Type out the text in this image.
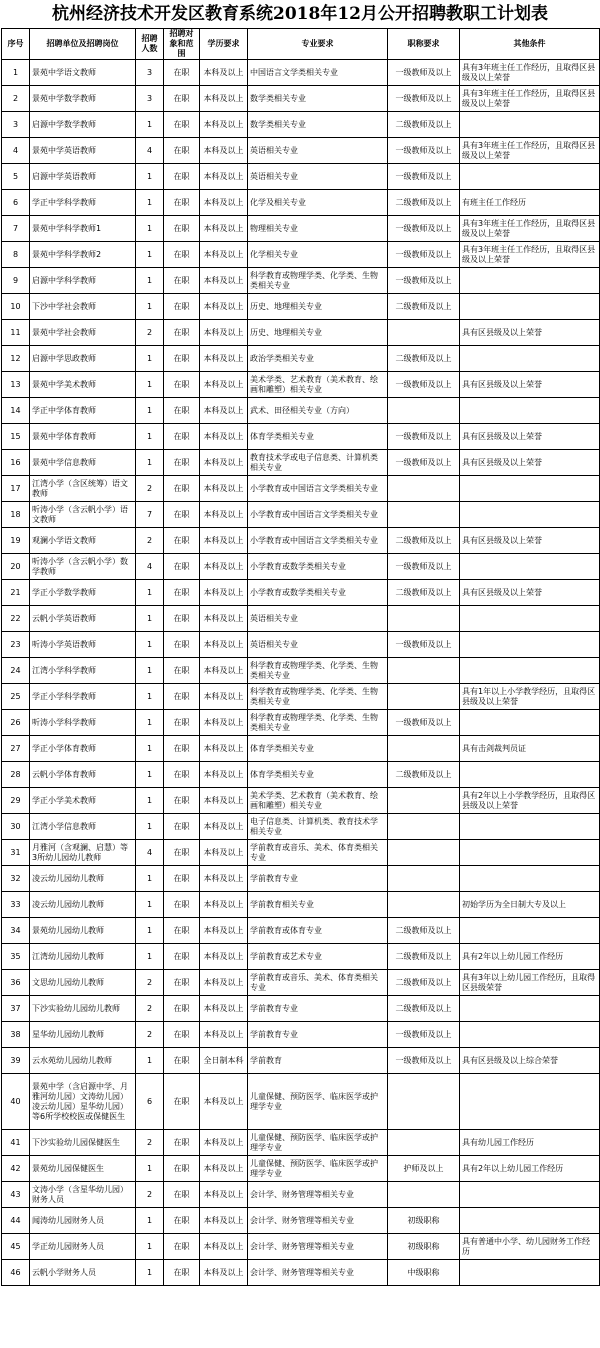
杭州经济技术开发区教育系统2018年12月公开招聘教职工计划表
序号	招聘单位及招聘岗位	招聘人数	招聘对象和范围	学历要求	专业要求	职称要求	其他条件
1	景苑中学语文教师	3	在职	本科及以上	中国语言文学类相关专业	一级教师及以上	具有3年班主任工作经历，且取得区县级及以上荣誉
2	景苑中学数学教师	3	在职	本科及以上	数学类相关专业	一级教师及以上	具有3年班主任工作经历，且取得区县级及以上荣誉
3	启源中学数学教师	1	在职	本科及以上	数学类相关专业	二级教师及以上	
4	景苑中学英语教师	4	在职	本科及以上	英语相关专业	一级教师及以上	具有3年班主任工作经历，且取得区县级及以上荣誉
5	启源中学英语教师	1	在职	本科及以上	英语相关专业	一级教师及以上	
6	学正中学科学教师	1	在职	本科及以上	化学及相关专业	二级教师及以上	有班主任工作经历
7	景苑中学科学教师1	1	在职	本科及以上	物理相关专业	一级教师及以上	具有3年班主任工作经历，且取得区县级及以上荣誉
8	景苑中学科学教师2	1	在职	本科及以上	化学相关专业	一级教师及以上	具有3年班主任工作经历，且取得区县级及以上荣誉
9	启源中学科学教师	1	在职	本科及以上	科学教育或物理学类、化学类、生物类相关专业	一级教师及以上	
10	下沙中学社会教师	1	在职	本科及以上	历史、地理相关专业	二级教师及以上	
11	景苑中学社会教师	2	在职	本科及以上	历史、地理相关专业		具有区县级及以上荣誉
12	启源中学思政教师	1	在职	本科及以上	政治学类相关专业	二级教师及以上	
13	景苑中学美术教师	1	在职	本科及以上	美术学类、艺术教育（美术教育、绘画和雕塑）相关专业	一级教师及以上	具有区县级及以上荣誉
14	学正中学体育教师	1	在职	本科及以上	武术、田径相关专业（方向）		
15	景苑中学体育教师	1	在职	本科及以上	体育学类相关专业	一级教师及以上	具有区县级及以上荣誉
16	景苑中学信息教师	1	在职	本科及以上	教育技术学或电子信息类、计算机类相关专业	一级教师及以上	具有区县级及以上荣誉
17	江湾小学（含区统筹）语文教师	2	在职	本科及以上	小学教育或中国语言文学类相关专业		
18	听涛小学（含云帆小学）语文教师	7	在职	本科及以上	小学教育或中国语言文学类相关专业		
19	观澜小学语文教师	2	在职	本科及以上	小学教育或中国语言文学类相关专业	二级教师及以上	具有区县级及以上荣誉
20	听涛小学（含云帆小学）数学教师	4	在职	本科及以上	小学教育或数学类相关专业	一级教师及以上	
21	学正小学数学教师	1	在职	本科及以上	小学教育或数学类相关专业	二级教师及以上	具有区县级及以上荣誉
22	云帆小学英语教师	1	在职	本科及以上	英语相关专业		
23	听涛小学英语教师	1	在职	本科及以上	英语相关专业	一级教师及以上	
24	江湾小学科学教师	1	在职	本科及以上	科学教育或物理学类、化学类、生物类相关专业		
25	学正小学科学教师	1	在职	本科及以上	科学教育或物理学类、化学类、生物类相关专业		具有1年以上小学教学经历，且取得区县级及以上荣誉
26	听涛小学科学教师	1	在职	本科及以上	科学教育或物理学类、化学类、生物类相关专业	一级教师及以上	
27	学正小学体育教师	1	在职	本科及以上	体育学类相关专业		具有击剑裁判员证
28	云帆小学体育教师	1	在职	本科及以上	体育学类相关专业	二级教师及以上	
29	学正小学美术教师	1	在职	本科及以上	美术学类、艺术教育（美术教育、绘画和雕塑）相关专业		具有2年以上小学教学经历，且取得区县级及以上荣誉
30	江湾小学信息教师	1	在职	本科及以上	电子信息类、计算机类、教育技术学相关专业		
31	月雅河（含观澜、启慧）等3所幼儿园幼儿教师	4	在职	本科及以上	学前教育或音乐、美术、体育类相关专业		
32	凌云幼儿园幼儿教师	1	在职	本科及以上	学前教育专业		
33	凌云幼儿园幼儿教师	1	在职	本科及以上	学前教育相关专业		初始学历为全日制大专及以上
34	景苑幼儿园幼儿教师	1	在职	本科及以上	学前教育或体育专业	二级教师及以上	
35	江湾幼儿园幼儿教师	1	在职	本科及以上	学前教育或艺术专业	二级教师及以上	具有2年以上幼儿园工作经历
36	文思幼儿园幼儿教师	2	在职	本科及以上	学前教育或音乐、美术、体育类相关专业	二级教师及以上	具有3年以上幼儿园工作经历，且取得区县级荣誉
37	下沙实验幼儿园幼儿教师	2	在职	本科及以上	学前教育专业	二级教师及以上	
38	星华幼儿园幼儿教师	2	在职	本科及以上	学前教育专业	一级教师及以上	
39	云水苑幼儿园幼儿教师	1	在职	全日制本科	学前教育	一级教师及以上	具有区县级及以上综合荣誉
40	景苑中学（含启源中学、月雅河幼儿园）文涛幼儿园）凌云幼儿园）星华幼儿园）等6所学校校医或保健医生	6	在职	本科及以上	儿童保健、预防医学、临床医学或护理学专业		
41	下沙实验幼儿园保健医生	2	在职	本科及以上	儿童保健、预防医学、临床医学或护理学专业		具有幼儿园工作经历
42	景苑幼儿园保健医生	1	在职	本科及以上	儿童保健、预防医学、临床医学或护理学专业	护师及以上	具有2年以上幼儿园工作经历
43	文涛小学（含星华幼儿园）财务人员	2	在职	本科及以上	会计学、财务管理等相关专业		
44	闻涛幼儿园财务人员	1	在职	本科及以上	会计学、财务管理等相关专业	初级职称	
45	学正幼儿园财务人员	1	在职	本科及以上	会计学、财务管理等相关专业	初级职称	具有普通中小学、幼儿园财务工作经历
46	云帆小学财务人员	1	在职	本科及以上	会计学、财务管理等相关专业	中级职称	
